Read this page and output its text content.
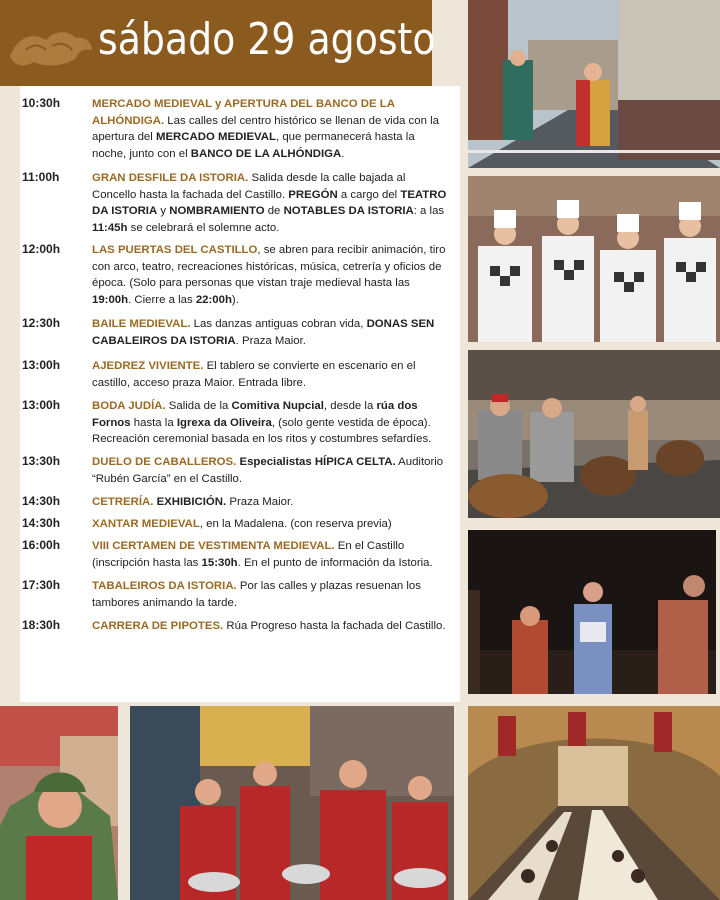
sábado 29 agosto
10:30h	MERCADO MEDIEVAL y APERTURA DEL BANCO DE LA ALHÓNDIGA. Las calles del centro histórico se llenan de vida con la apertura del MERCADO MEDIEVAL, que permanecerá hasta la noche, junto con el BANCO DE LA ALHÓNDIGA.
11:00h	GRAN DESFILE DA ISTORIA. Salida desde la calle bajada al Concello hasta la fachada del Castillo. PREGÓN a cargo del TEATRO DA ISTORIA y NOMBRAMIENTO de NOTABLES DA ISTORIA: a las 11:45h se celebrará el solemne acto.
12:00h	LAS PUERTAS DEL CASTILLO, se abren para recibir animación, tiro con arco, teatro, recreaciones históricas, música, cetrería y oficios de época. (Solo para personas que vistan traje medieval hasta las 19:00h. Cierre a las 22:00h).
12:30h	BAILE MEDIEVAL. Las danzas antiguas cobran vida, DONAS SEN CABALEIROS DA ISTORIA. Praza Maior.
13:00h	AJEDREZ VIVIENTE. El tablero se convierte en escenario en el castillo, acceso praza Maior. Entrada libre.
13:00h	BODA JUDÍA. Salida de la Comitiva Nupcial, desde la rúa dos Fornos hasta la Igrexa da Oliveira, (solo gente vestida de época). Recreación ceremonial basada en los ritos y costumbres sefardíes.
13:30h	DUELO DE CABALLEROS. Especialistas HÍPICA CELTA. Auditorio “Rubén García” en el Castillo.
14:30h	CETRERÍA. EXHIBICIÓN. Praza Maior.
14:30h	XANTAR MEDIEVAL, en la Madalena. (con reserva previa)
16:00h	VIII CERTAMEN DE VESTIMENTA MEDIEVAL. En el Castillo (inscripción hasta las 15:30h. En el punto de información da Istoria.
17:30h	TABALEIROS DA ISTORIA. Por las calles y plazas resuenan los tambores animando la tarde.
18:30h	CARRERA DE PIPOTES. Rúa Progreso hasta la fachada del Castillo.
